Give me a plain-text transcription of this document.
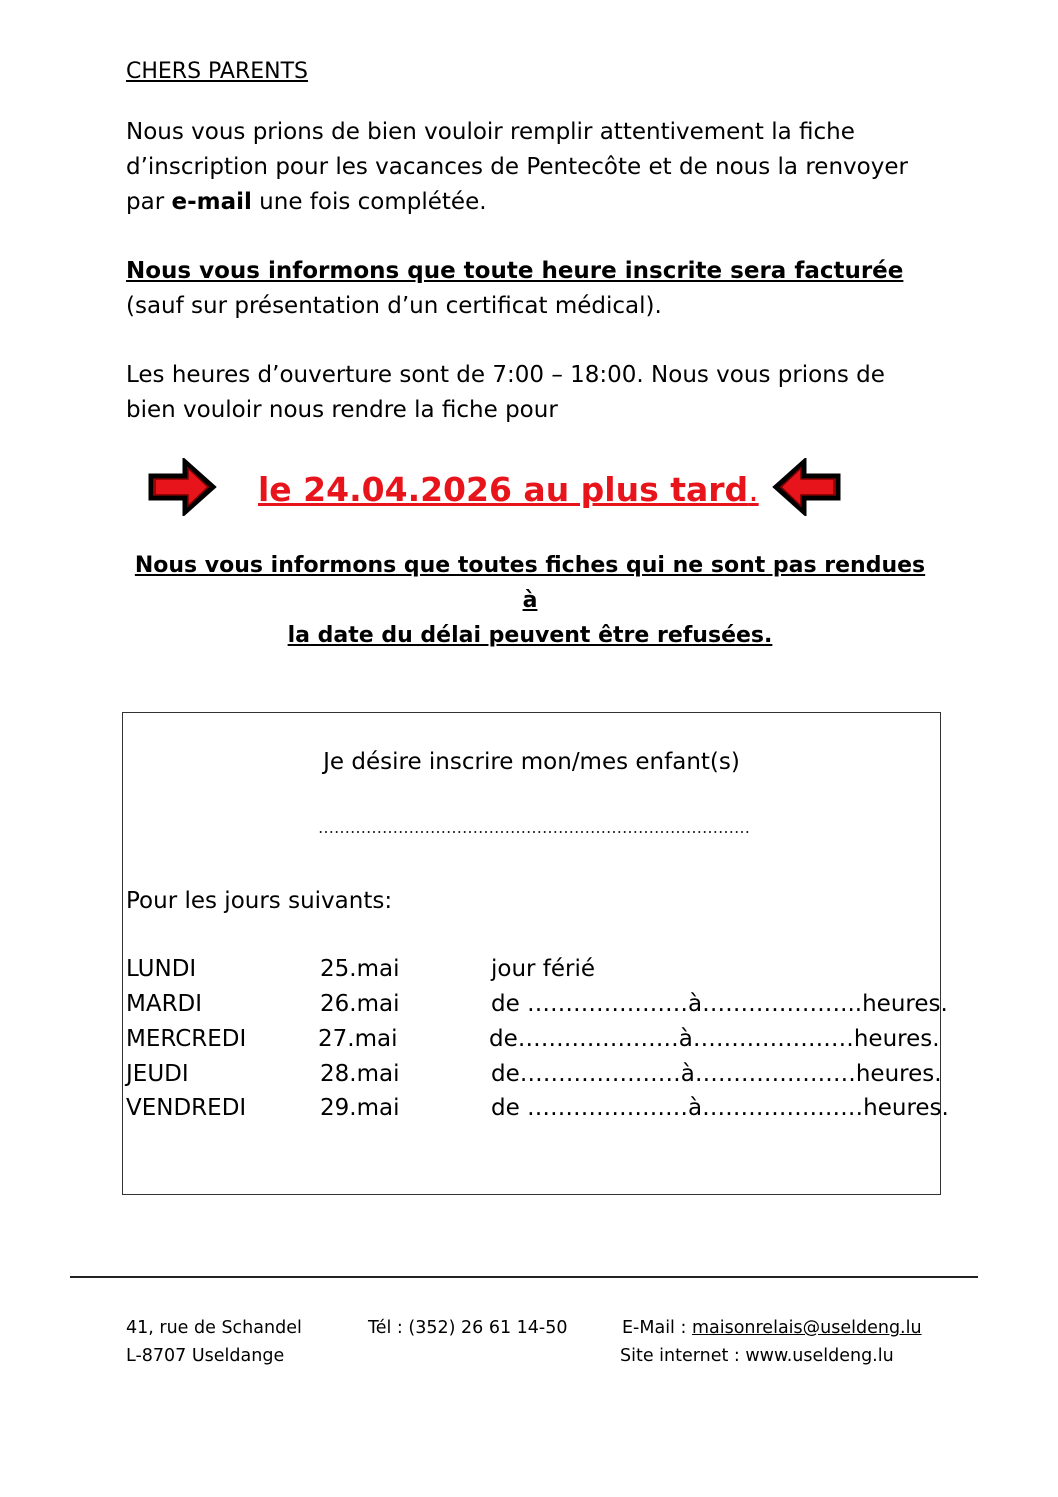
CHERS PARENTS
Nous vous prions de bien vouloir remplir attentivement la fiche d’inscription pour les vacances de Pentecôte et de nous la renvoyer par e-mail une fois complétée.
Nous vous informons que toute heure inscrite sera facturée (sauf sur présentation d’un certificat médical).
Les heures d’ouverture sont de 7:00 – 18:00. Nous vous prions de bien vouloir nous rendre la fiche pour
le 24.04.2026 au plus tard.
Nous vous informons que toutes fiches qui ne sont pas rendues à
la date du délai peuvent être refusées.
Je désire inscrire mon/mes enfant(s)
………………………………………………………………………
Pour les jours suivants:
LUNDI	25.mai	jour férié
MARDI	26.mai	de …………………à………………...heures.
MERCREDI	27.mai	de…………………à…………………heures.
JEUDI	28.mai	de…………………à…………………heures.
VENDREDI	29.mai	de …………………à…………………heures.
41, rue de Schandel
L-8707 Useldange
Tél : (352) 26 61 14-50	E-Mail : maisonrelais@useldeng.lu
Site internet : www.useldeng.lu
